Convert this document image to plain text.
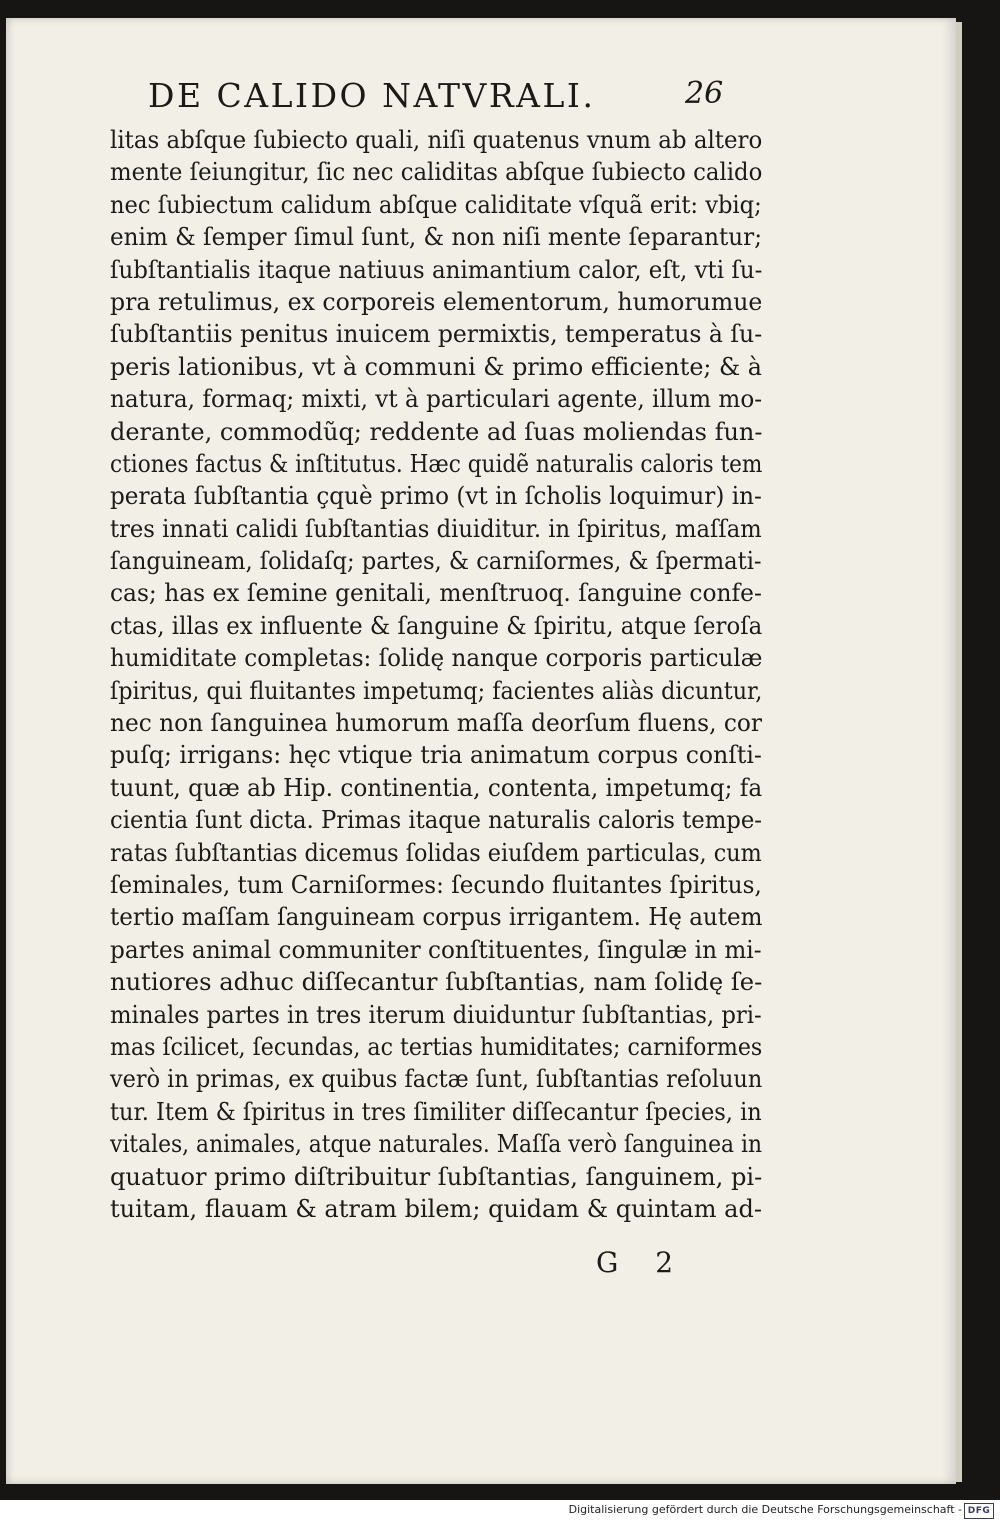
DE CALIDO NATVRALI.	26
litas abſque ſubiecto quali, niſi quatenus vnum ab altero
mente ſeiungitur, ſic nec caliditas abſque ſubiecto calido
nec ſubiectum calidum abſque caliditate vſquã erit: vbiq;
enim & ſemper ſimul ſunt, & non niſi mente ſeparantur;
ſubſtantialis itaque natiuus animantium calor, eſt, vti ſu-
pra retulimus, ex corporeis elementorum, humorumue
ſubſtantiis penitus inuicem permixtis, temperatus à ſu-
peris lationibus, vt à communi & primo efficiente; & à
natura, formaq; mixti, vt à particulari agente, illum mo-
derante, commodũq; reddente ad ſuas moliendas fun-
ctiones factus & inſtitutus. Hæc quidẽ naturalis caloris tem
perata ſubſtantia çquè primo (vt in ſcholis loquimur) in-
tres innati calidi ſubſtantias diuiditur. in ſpiritus, maſſam
ſanguineam, ſolidaſq; partes, & carniſormes, & ſpermati-
cas; has ex ſemine genitali, menſtruoq. ſanguine confe-
ctas, illas ex influente & ſanguine & ſpiritu, atque ſeroſa
humiditate completas: ſolidę nanque corporis particulæ
ſpiritus, qui fluitantes impetumq; facientes aliàs dicuntur,
nec non ſanguinea humorum maſſa deorſum fluens, cor
puſq; irrigans: hęc vtique tria animatum corpus conſti-
tuunt, quæ ab Hip. continentia, contenta, impetumq; fa
cientia ſunt dicta. Primas itaque naturalis caloris tempe-
ratas ſubſtantias dicemus ſolidas eiuſdem particulas, cum
ſeminales, tum Carniſormes: ſecundo fluitantes ſpiritus,
tertio maſſam ſanguineam corpus irrigantem. Hę autem
partes animal communiter conſtituentes, ſingulæ in mi-
nutiores adhuc diſſecantur ſubſtantias, nam ſolidę ſe-
minales partes in tres iterum diuiduntur ſubſtantias, pri-
mas ſcilicet, ſecundas, ac tertias humiditates; carniformes
verò in primas, ex quibus factæ ſunt, ſubſtantias reſoluun
tur. Item & ſpiritus in tres ſimiliter diſſecantur ſpecies, in
vitales, animales, atque naturales. Maſſa verò ſanguinea in
quatuor primo diſtribuitur ſubſtantias, ſanguinem, pi-
tuitam, flauam & atram bilem; quidam & quintam ad-
G 2
Digitalisierung gefördert durch die Deutsche Forschungsgemeinschaft - DFG
